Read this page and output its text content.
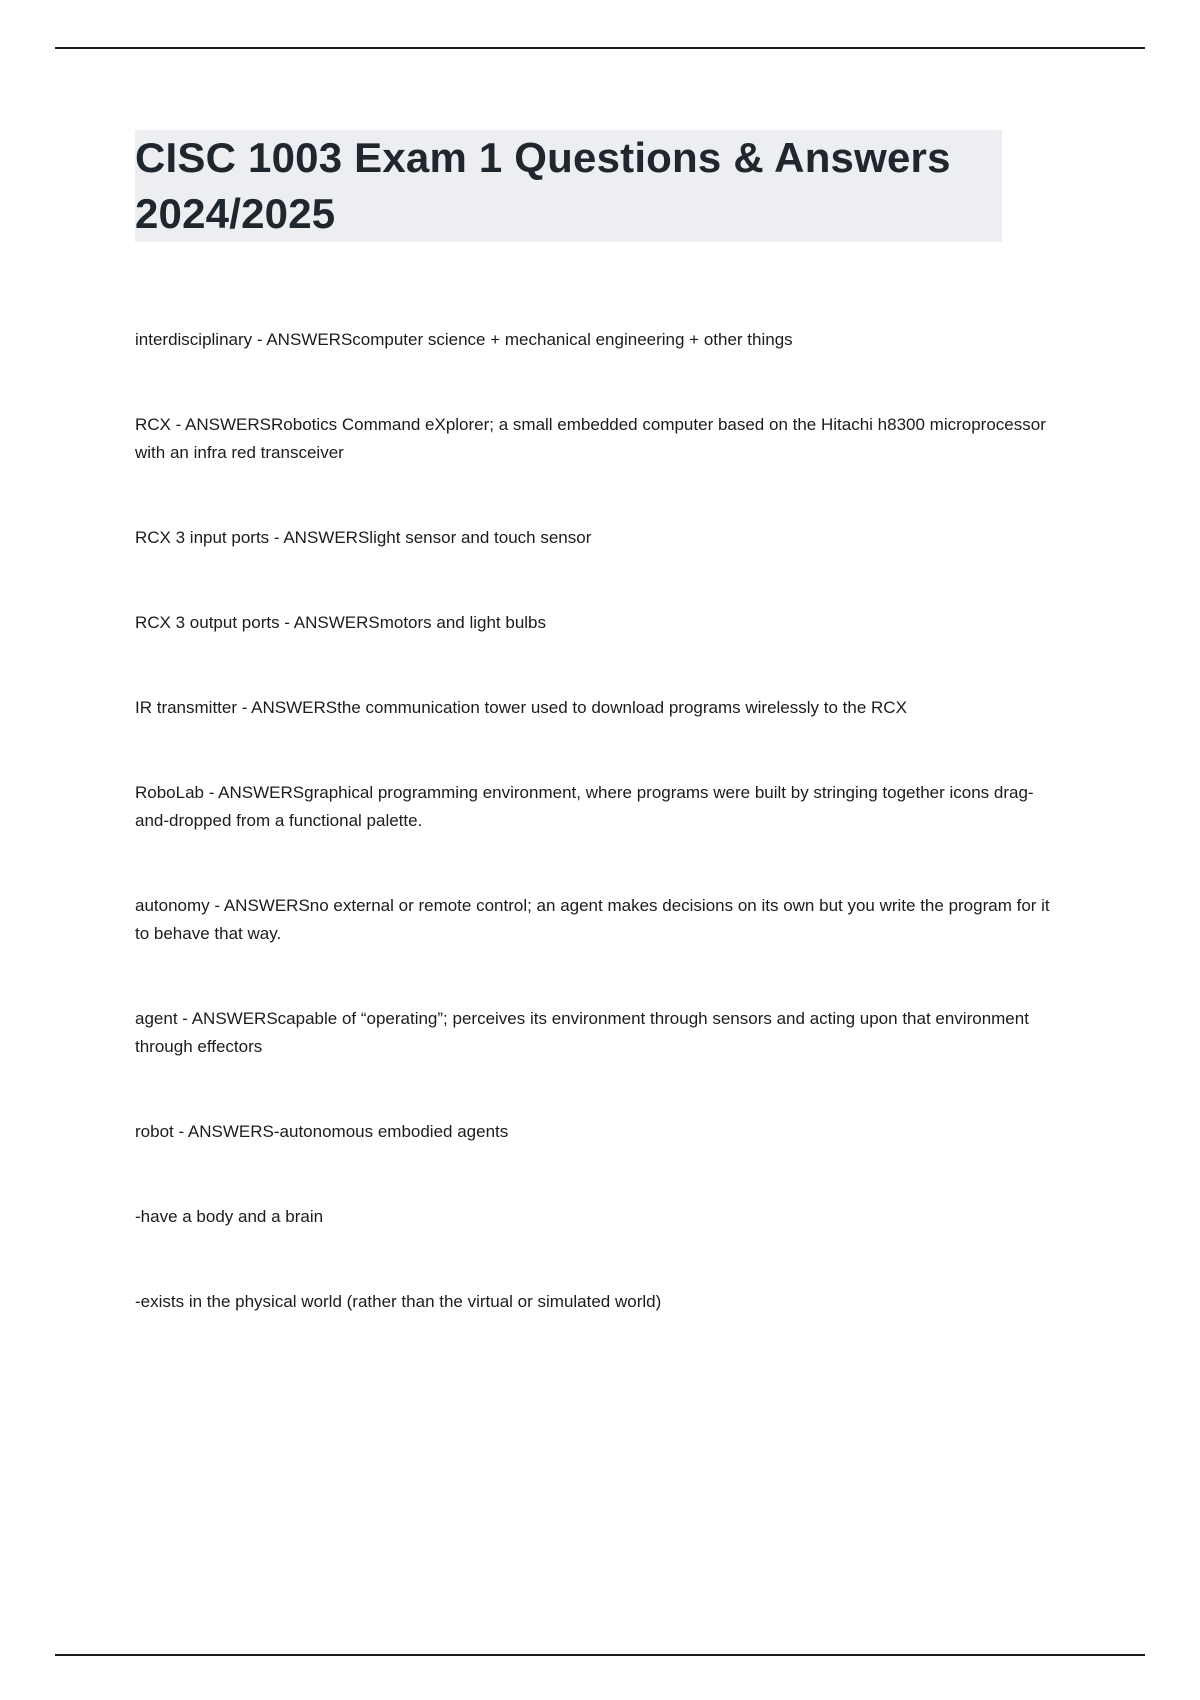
CISC 1003 Exam 1 Questions & Answers 2024/2025

interdisciplinary - ANSWERScomputer science + mechanical engineering + other things

RCX - ANSWERSRobotics Command eXplorer; a small embedded computer based on the Hitachi h8300 microprocessor with an infra red transceiver

RCX 3 input ports - ANSWERSlight sensor and touch sensor

RCX 3 output ports - ANSWERSmotors and light bulbs

IR transmitter - ANSWERSthe communication tower used to download programs wirelessly to the RCX

RoboLab - ANSWERSgraphical programming environment, where programs were built by stringing together icons drag-and-dropped from a functional palette.

autonomy - ANSWERSno external or remote control; an agent makes decisions on its own but you write the program for it to behave that way.

agent - ANSWERScapable of “operating”; perceives its environment through sensors and acting upon that environment through effectors

robot - ANSWERS-autonomous embodied agents

-have a body and a brain

-exists in the physical world (rather than the virtual or simulated world)
